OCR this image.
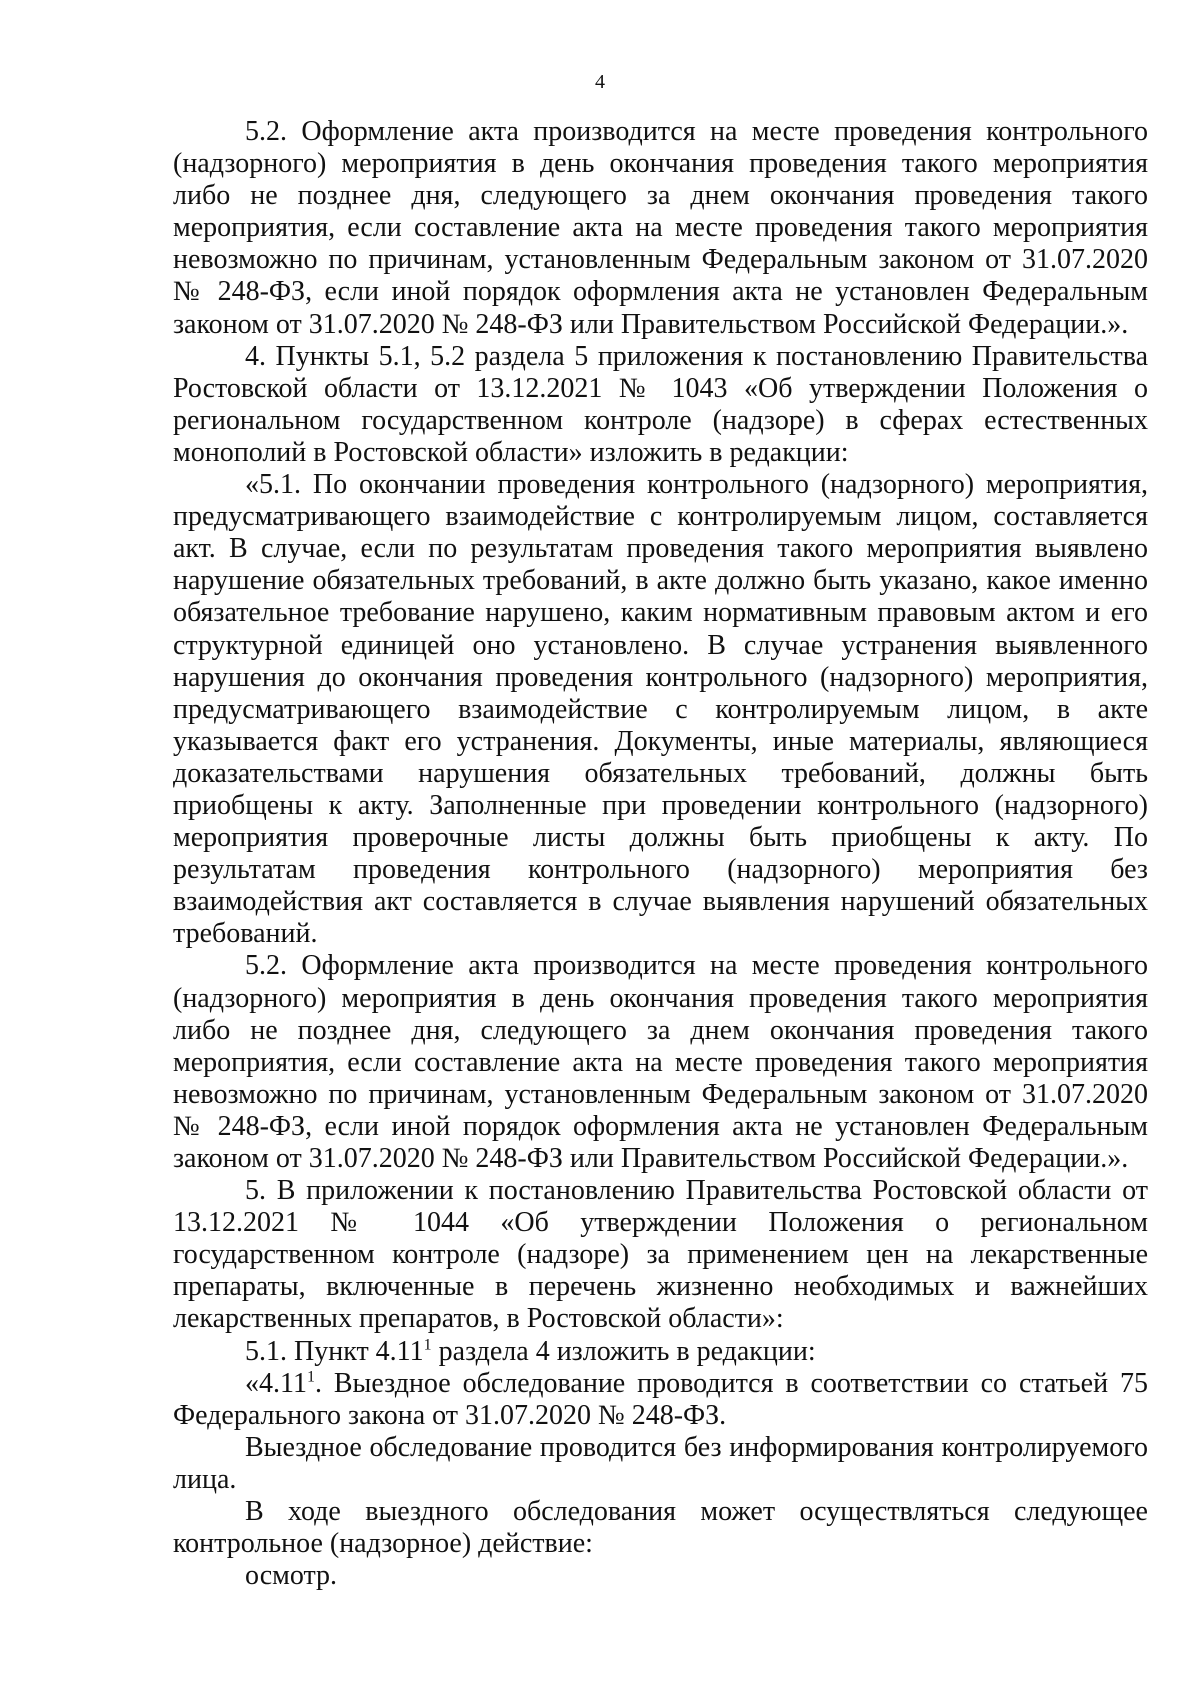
4

5.2. Оформление акта производится на месте проведения контрольного (надзорного) мероприятия в день окончания проведения такого мероприятия либо не позднее дня, следующего за днем окончания проведения такого мероприятия, если составление акта на месте проведения такого мероприятия невозможно по причинам, установленным Федеральным законом от 31.07.2020 № 248-ФЗ, если иной порядок оформления акта не установлен Федеральным законом от 31.07.2020 № 248-ФЗ или Правительством Российской Федерации.».

4. Пункты 5.1, 5.2 раздела 5 приложения к постановлению Правительства Ростовской области от 13.12.2021 № 1043 «Об утверждении Положения о региональном государственном контроле (надзоре) в сферах естественных монополий в Ростовской области» изложить в редакции:

«5.1. По окончании проведения контрольного (надзорного) мероприятия, предусматривающего взаимодействие с контролируемым лицом, составляется акт. В случае, если по результатам проведения такого мероприятия выявлено нарушение обязательных требований, в акте должно быть указано, какое именно обязательное требование нарушено, каким нормативным правовым актом и его структурной единицей оно установлено. В случае устранения выявленного нарушения до окончания проведения контрольного (надзорного) мероприятия, предусматривающего взаимодействие с контролируемым лицом, в акте указывается факт его устранения. Документы, иные материалы, являющиеся доказательствами нарушения обязательных требований, должны быть приобщены к акту. Заполненные при проведении контрольного (надзорного) мероприятия проверочные листы должны быть приобщены к акту. По результатам проведения контрольного (надзорного) мероприятия без взаимодействия акт составляется в случае выявления нарушений обязательных требований.

5.2. Оформление акта производится на месте проведения контрольного (надзорного) мероприятия в день окончания проведения такого мероприятия либо не позднее дня, следующего за днем окончания проведения такого мероприятия, если составление акта на месте проведения такого мероприятия невозможно по причинам, установленным Федеральным законом от 31.07.2020 № 248-ФЗ, если иной порядок оформления акта не установлен Федеральным законом от 31.07.2020 № 248-ФЗ или Правительством Российской Федерации.».

5. В приложении к постановлению Правительства Ростовской области от 13.12.2021 № 1044 «Об утверждении Положения о региональном государственном контроле (надзоре) за применением цен на лекарственные препараты, включенные в перечень жизненно необходимых и важнейших лекарственных препаратов, в Ростовской области»:

5.1. Пункт 4.11$^1$ раздела 4 изложить в редакции:

«4.11$^1$. Выездное обследование проводится в соответствии со статьей 75 Федерального закона от 31.07.2020 № 248-ФЗ.

Выездное обследование проводится без информирования контролируемого лица.

В ходе выездного обследования может осуществляться следующее контрольное (надзорное) действие:

осмотр.
